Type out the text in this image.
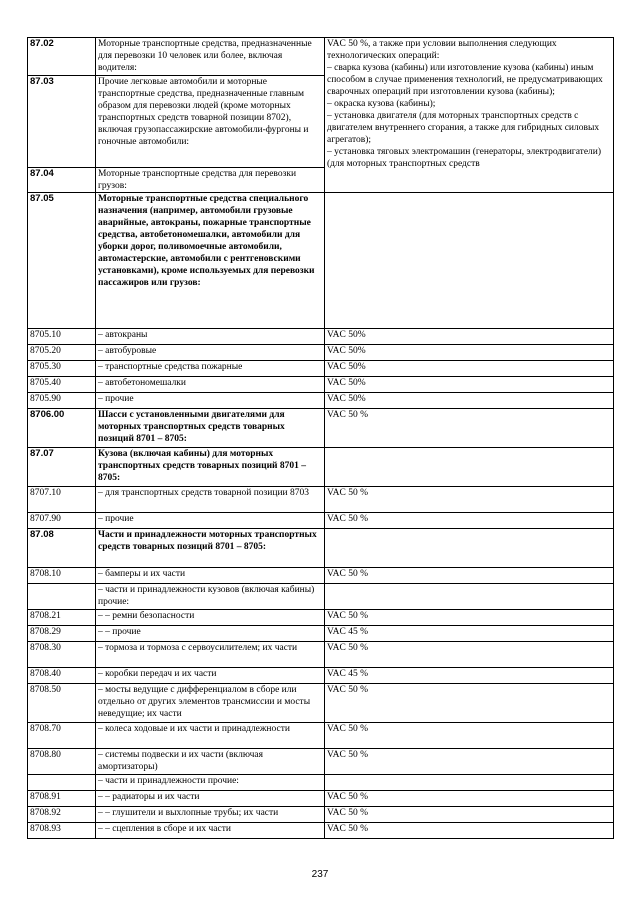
87.02	Моторные транспортные средства, предназначенные для перевозки 10 человек или более, включая водителя:	VAC 50 %, а также при условии выполнения следующих технологических операций:
– сварка кузова (кабины) или изготовление кузова (кабины) иным способом в случае применения технологий, не предусматривающих сварочных операций при изготовлении кузова (кабины);
– окраска кузова (кабины);
– установка двигателя (для моторных транспортных средств с двигателем внутреннего сгорания, а также для гибридных силовых агрегатов);
– установка тяговых электромашин (генераторы, электродвигатели) (для моторных транспортных средств
87.03	Прочие легковые автомобили и моторные транспортные средства, предназначенные главным образом для перевозки людей (кроме моторных транспортных средств товарной позиции 8702), включая грузопассажирские автомобили-фургоны и гоночные автомобили:	
87.04	Моторные транспортные средства для перевозки грузов:	
87.05	Моторные транспортные средства специального назначения (например, автомобили грузовые аварийные, автокраны, пожарные транспортные средства, автобетономешалки, автомобили для уборки дорог, поливомоечные автомобили, автомастерские, автомобили с рентгеновскими установками), кроме используемых для перевозки пассажиров или грузов:	
8705.10	– автокраны	VAC 50%
8705.20	– автобуровые	VAC 50%
8705.30	– транспортные средства пожарные	VAC 50%
8705.40	– автобетономешалки	VAC 50%
8705.90	– прочие	VAC 50%
8706.00	Шасси с установленными двигателями для моторных транспортных средств товарных позиций 8701 – 8705:	VAC 50 %
87.07	Кузова (включая кабины) для моторных транспортных средств товарных позиций 8701 – 8705:	
8707.10	– для транспортных средств товарной позиции 8703	VAC 50 %
8707.90	– прочие	VAC 50 %
87.08	Части и принадлежности моторных транспортных средств товарных позиций 8701 – 8705:	
8708.10	– бамперы и их части	VAC 50 %
	– части и принадлежности кузовов (включая кабины) прочие:	
8708.21	– – ремни безопасности	VAC 50 %
8708.29	– – прочие	VAC 45 %
8708.30	– тормоза и тормоза с сервоусилителем; их части	VAC 50 %
8708.40	– коробки передач и их части	VAC 45 %
8708.50	– мосты ведущие с дифференциалом в сборе или отдельно от других элементов трансмиссии и мосты неведущие; их части	VAC 50 %
8708.70	– колеса ходовые и их части и принадлежности	VAC 50 %
8708.80	– системы подвески и их части (включая амортизаторы)	VAC 50 %
	– части и принадлежности прочие:	
8708.91	– – радиаторы и их части	VAC 50 %
8708.92	– – глушители и выхлопные трубы; их части	VAC 50 %
8708.93	– – сцепления в сборе и их части	VAC 50 %
237
